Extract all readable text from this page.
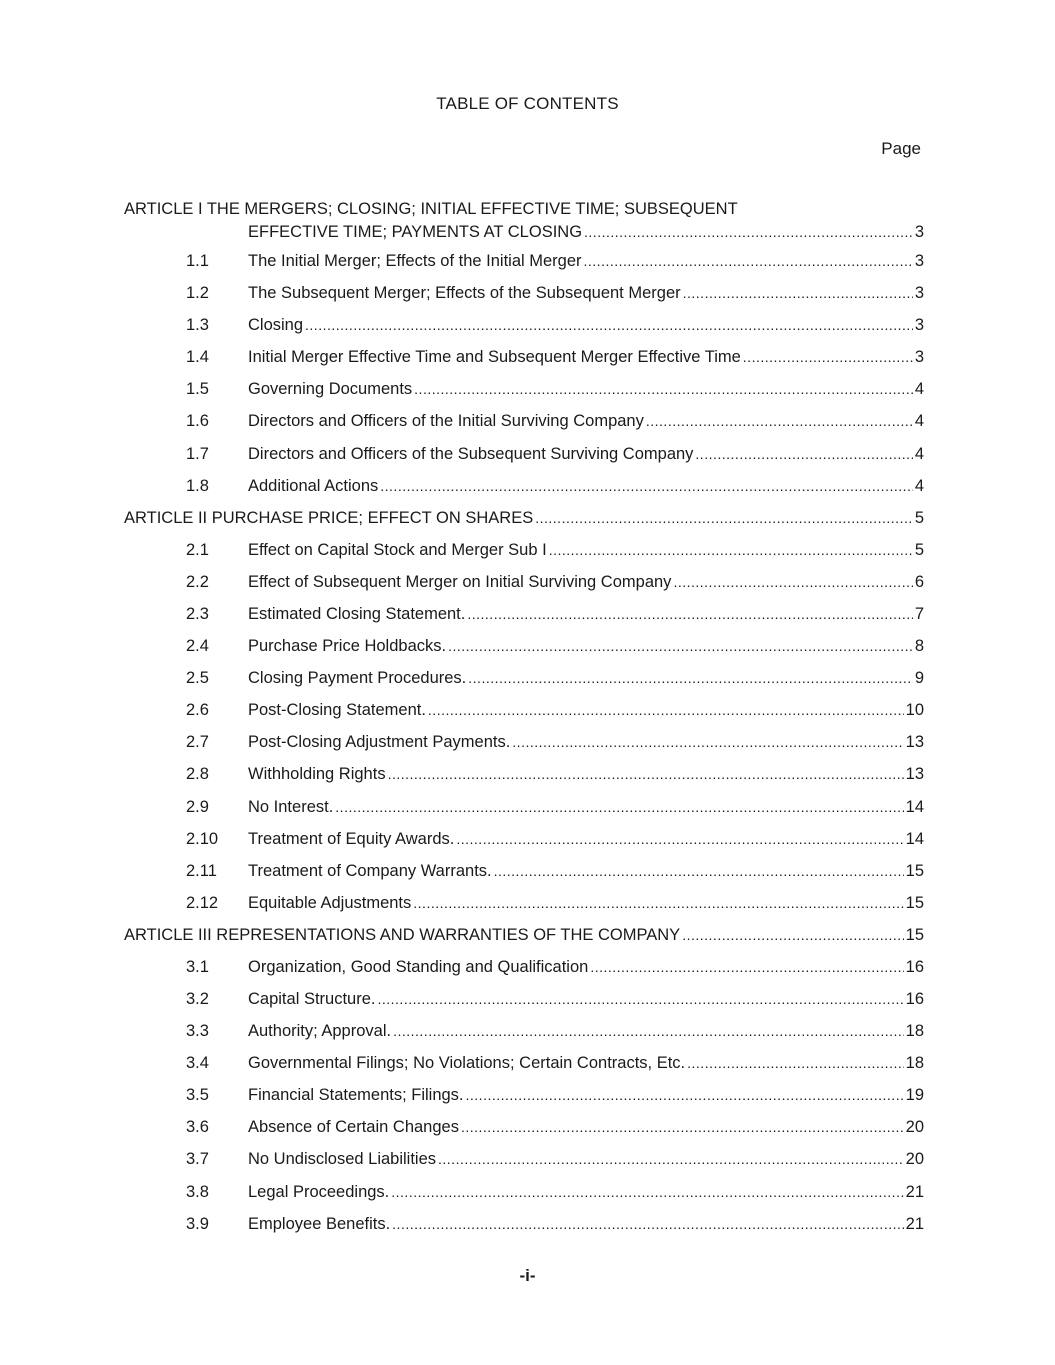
TABLE OF CONTENTS
Page
ARTICLE I THE MERGERS; CLOSING; INITIAL EFFECTIVE TIME; SUBSEQUENT
EFFECTIVE TIME; PAYMENTS AT CLOSING .....	3
1.1	The Initial Merger; Effects of the Initial Merger .....	3
1.2	The Subsequent Merger; Effects of the Subsequent Merger .....	3
1.3	Closing .....	3
1.4	Initial Merger Effective Time and Subsequent Merger Effective Time .....	3
1.5	Governing Documents .....	4
1.6	Directors and Officers of the Initial Surviving Company .....	4
1.7	Directors and Officers of the Subsequent Surviving Company .....	4
1.8	Additional Actions .....	4
ARTICLE II PURCHASE PRICE; EFFECT ON SHARES .....	5
2.1	Effect on Capital Stock and Merger Sub I .....	5
2.2	Effect of Subsequent Merger on Initial Surviving Company .....	6
2.3	Estimated Closing Statement. .....	7
2.4	Purchase Price Holdbacks. .....	8
2.5	Closing Payment Procedures. .....	9
2.6	Post-Closing Statement. .....	10
2.7	Post-Closing Adjustment Payments. .....	13
2.8	Withholding Rights .....	13
2.9	No Interest. .....	14
2.10	Treatment of Equity Awards. .....	14
2.11	Treatment of Company Warrants. .....	15
2.12	Equitable Adjustments .....	15
ARTICLE III REPRESENTATIONS AND WARRANTIES OF THE COMPANY .....	15
3.1	Organization, Good Standing and Qualification .....	16
3.2	Capital Structure. .....	16
3.3	Authority; Approval. .....	18
3.4	Governmental Filings; No Violations; Certain Contracts, Etc. .....	18
3.5	Financial Statements; Filings. .....	19
3.6	Absence of Certain Changes .....	20
3.7	No Undisclosed Liabilities .....	20
3.8	Legal Proceedings. .....	21
3.9	Employee Benefits. .....	21
-i-
